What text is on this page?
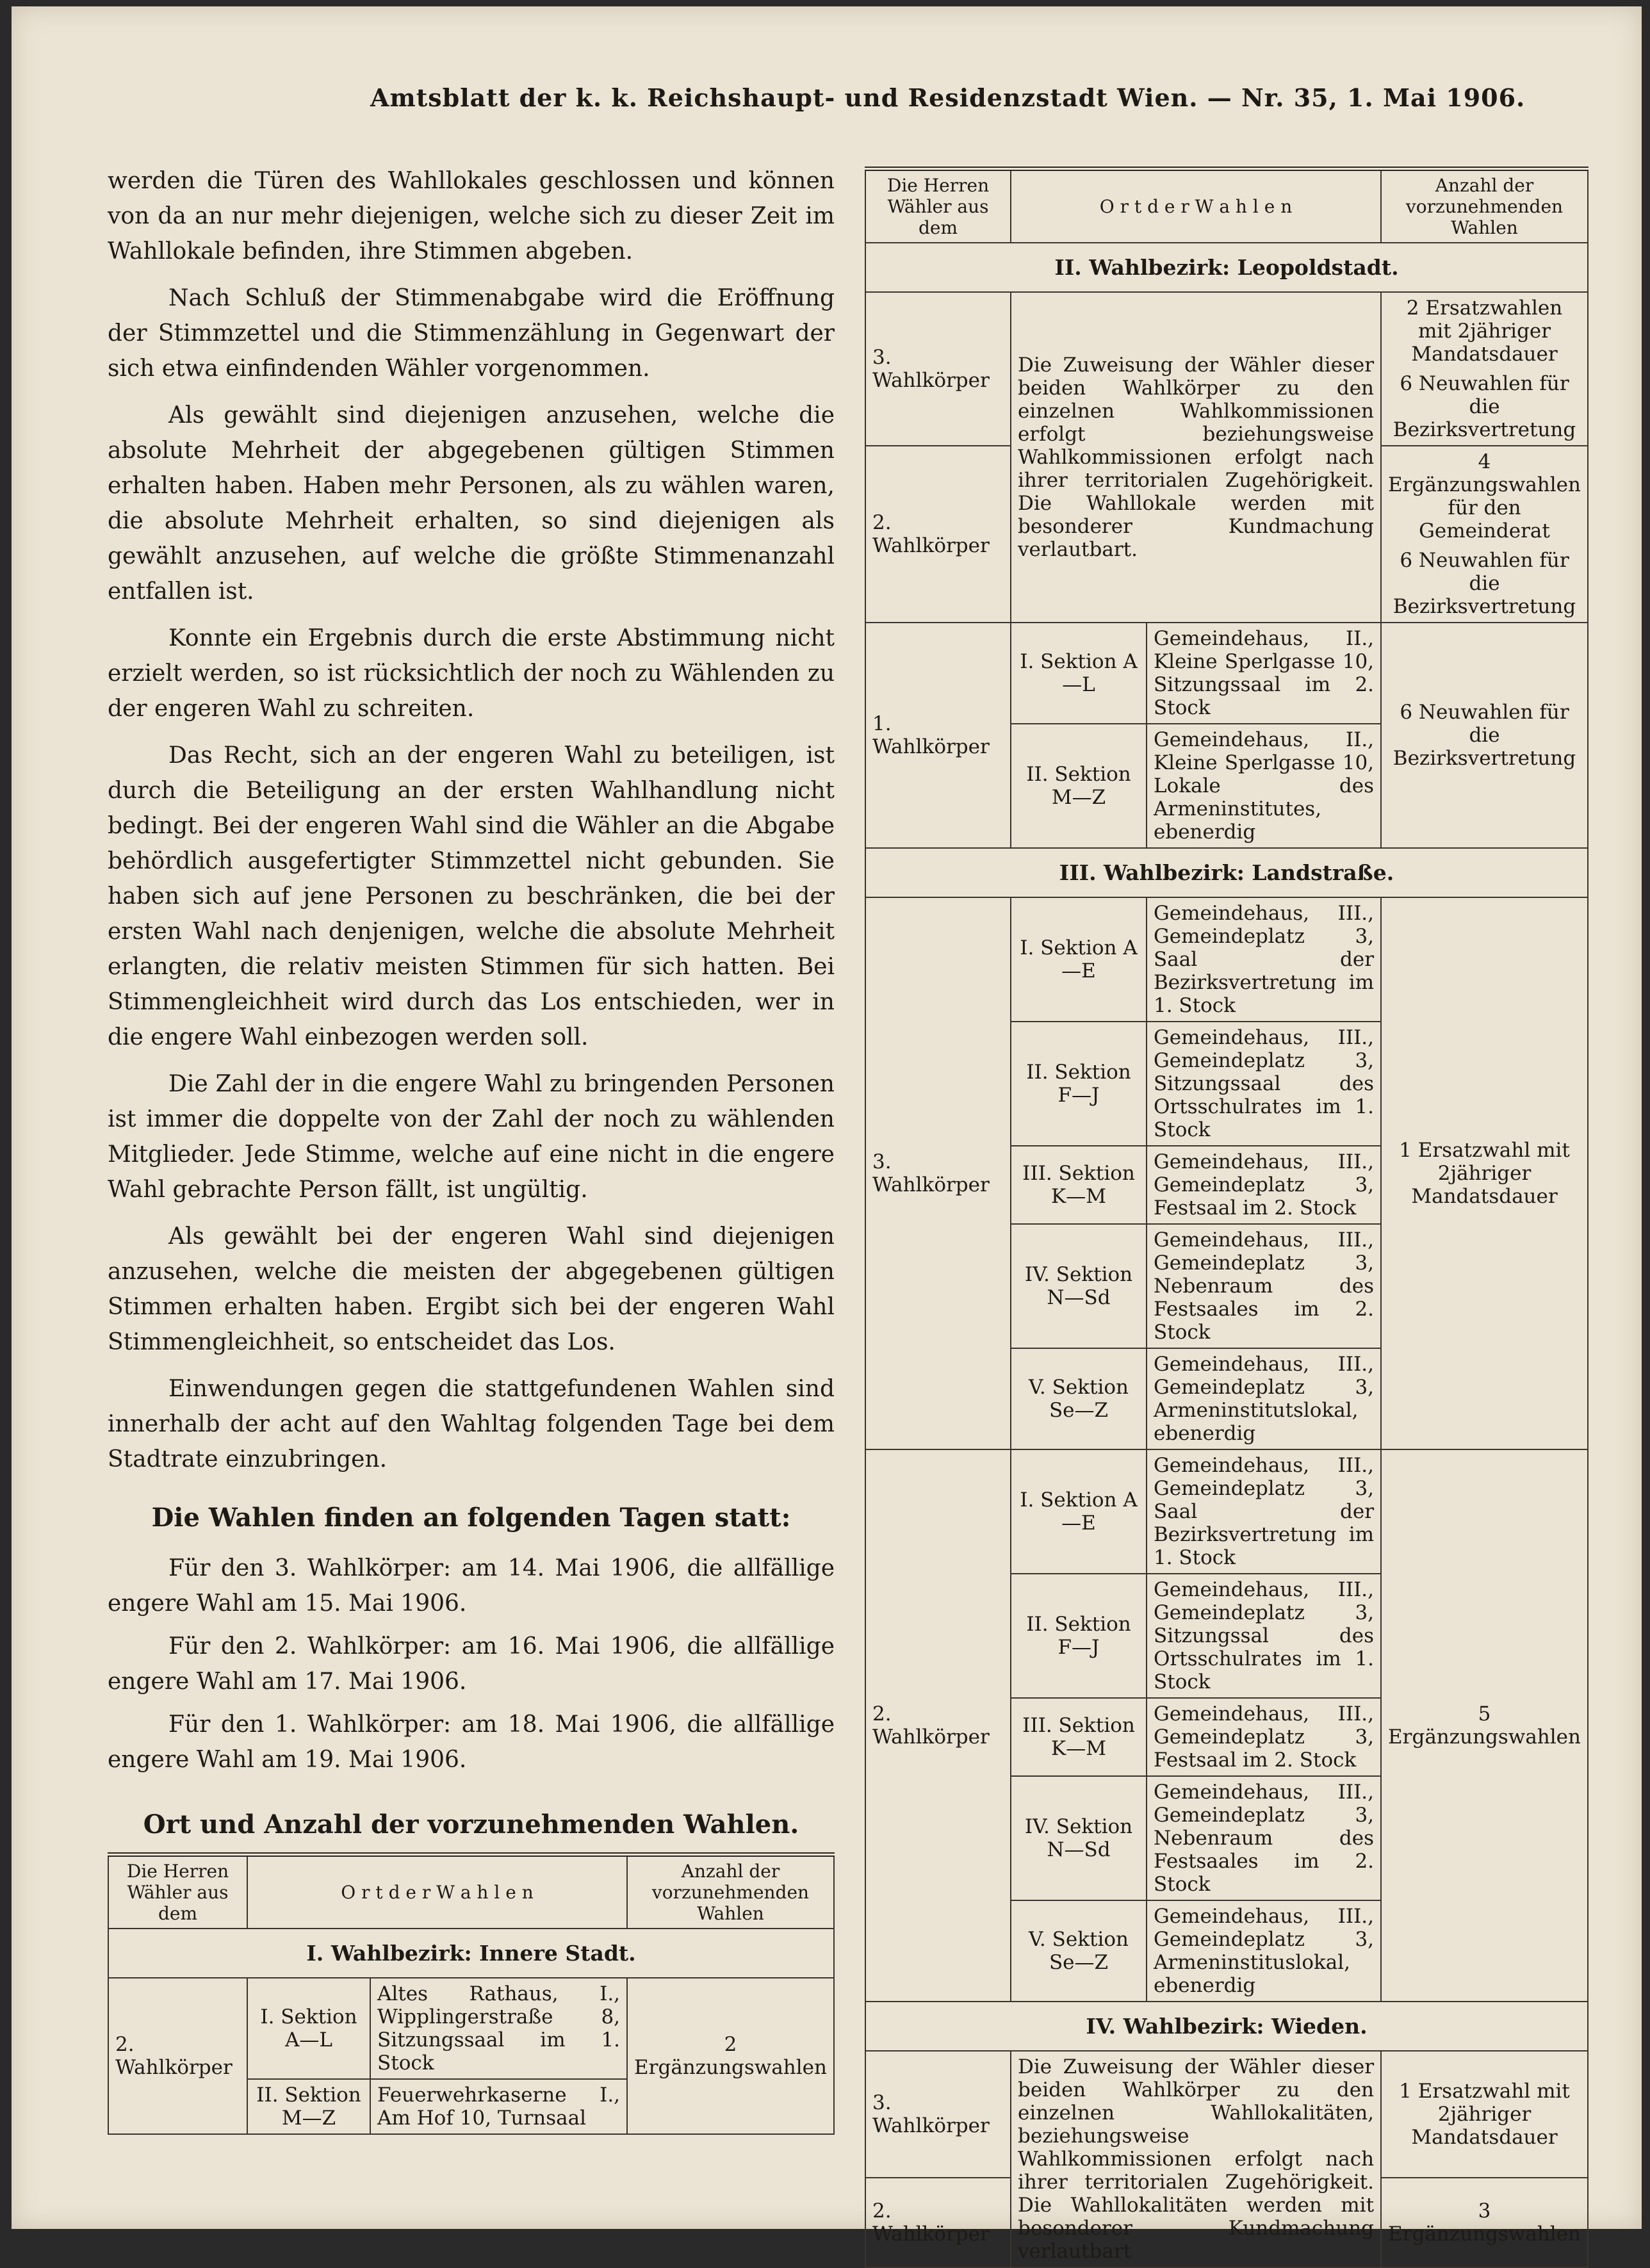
Amtsblatt der k. k. Reichshaupt- und Residenzstadt Wien. — Nr. 35, 1. Mai 1906.

werden die Türen des Wahllokales geschlossen und können von da an nur mehr diejenigen, welche sich zu dieser Zeit im Wahllokale befinden, ihre Stimmen abgeben.

Nach Schluß der Stimmenabgabe wird die Eröffnung der Stimmzettel und die Stimmenzählung in Gegenwart der sich etwa einfindenden Wähler vorgenommen.

Als gewählt sind diejenigen anzusehen, welche die absolute Mehrheit der abgegebenen gültigen Stimmen erhalten haben. Haben mehr Personen, als zu wählen waren, die absolute Mehrheit erhalten, so sind diejenigen als gewählt anzusehen, auf welche die größte Stimmenanzahl entfallen ist.

Konnte ein Ergebnis durch die erste Abstimmung nicht erzielt werden, so ist rücksichtlich der noch zu Wählenden zu der engeren Wahl zu schreiten.

Das Recht, sich an der engeren Wahl zu beteiligen, ist durch die Beteiligung an der ersten Wahlhandlung nicht bedingt. Bei der engeren Wahl sind die Wähler an die Abgabe behördlich ausgefertigter Stimmzettel nicht gebunden. Sie haben sich auf jene Personen zu beschränken, die bei der ersten Wahl nach denjenigen, welche die absolute Mehrheit erlangten, die relativ meisten Stimmen für sich hatten. Bei Stimmengleichheit wird durch das Los entschieden, wer in die engere Wahl einbezogen werden soll.

Die Zahl der in die engere Wahl zu bringenden Personen ist immer die doppelte von der Zahl der noch zu wählenden Mitglieder. Jede Stimme, welche auf eine nicht in die engere Wahl gebrachte Person fällt, ist ungültig.

Als gewählt bei der engeren Wahl sind diejenigen anzusehen, welche die meisten der abgegebenen gültigen Stimmen erhalten haben. Ergibt sich bei der engeren Wahl Stimmengleichheit, so entscheidet das Los.

Einwendungen gegen die stattgefundenen Wahlen sind innerhalb der acht auf den Wahltag folgenden Tage bei dem Stadtrate einzubringen.

Die Wahlen finden an folgenden Tagen statt:

Für den 3. Wahlkörper: am 14. Mai 1906, die allfällige engere Wahl am 15. Mai 1906.

Für den 2. Wahlkörper: am 16. Mai 1906, die allfällige engere Wahl am 17. Mai 1906.

Für den 1. Wahlkörper: am 18. Mai 1906, die allfällige engere Wahl am 19. Mai 1906.

Ort und Anzahl der vorzunehmenden Wahlen.
Die Herren Wähler aus dem	O r t d e r W a h l e n		Anzahl der vorzunehmenden Wahlen
I. Wahlbezirk: Innere Stadt.			
2. Wahlkörper	I. Sektion A—L	Altes Rathaus, I., Wipplingerstraße 8, Sitzungssaal im 1. Stock	2 Ergänzungswahlen
	II. Sektion M—Z	Feuerwehrkaserne I., Am Hof 10, Turnsaal	
Die Herren Wähler aus dem	O r t d e r W a h l e n		Anzahl der vorzunehmenden Wahlen
II. Wahlbezirk: Leopoldstadt.			
3. Wahlkörper	Die Zuweisung der Wähler dieser beiden Wahlkörper zu den einzelnen Wahlkommissionen erfolgt beziehungsweise Wahlkommissionen erfolgt nach ihrer territorialen Zugehörigkeit. Die Wahllokale werden mit besonderer Kundmachung verlautbart.		2 Ersatzwahlen mit 2jähriger Mandatsdauer
6 Neuwahlen für die Bezirksvertretung

2. Wahlkörper			4 Ergänzungswahlen für den Gemeinderat
6 Neuwahlen für die Bezirksvertretung

1. Wahlkörper	I. Sektion A—L	Gemeindehaus, II., Kleine Sperlgasse 10, Sitzungssaal im 2. Stock	6 Neuwahlen für die Bezirksvertretung
	II. Sektion M—Z	Gemeindehaus, II., Kleine Sperlgasse 10, Lokale des Armeninstitutes, ebenerdig	
III. Wahlbezirk: Landstraße.			
3. Wahlkörper	I. Sektion A—E	Gemeindehaus, III., Gemeindeplatz 3, Saal der Bezirksvertretung im 1. Stock	1 Ersatzwahl mit 2jähriger Mandatsdauer
	II. Sektion F—J	Gemeindehaus, III., Gemeindeplatz 3, Sitzungssaal des Ortsschulrates im 1. Stock	
	III. Sektion K—M	Gemeindehaus, III., Gemeindeplatz 3, Festsaal im 2. Stock	
	IV. Sektion N—Sd	Gemeindehaus, III., Gemeindeplatz 3, Nebenraum des Festsaales im 2. Stock	
	V. Sektion Se—Z	Gemeindehaus, III., Gemeindeplatz 3, Armeninstitutslokal, ebenerdig	
2. Wahlkörper	I. Sektion A—E	Gemeindehaus, III., Gemeindeplatz 3, Saal der Bezirksvertretung im 1. Stock	5 Ergänzungswahlen
	II. Sektion F—J	Gemeindehaus, III., Gemeindeplatz 3, Sitzungssal des Ortsschulrates im 1. Stock	
	III. Sektion K—M	Gemeindehaus, III., Gemeindeplatz 3, Festsaal im 2. Stock	
	IV. Sektion N—Sd	Gemeindehaus, III., Gemeindeplatz 3, Nebenraum des Festsaales im 2. Stock	
	V. Sektion Se—Z	Gemeindehaus, III., Gemeindeplatz 3, Armeninstituslokal, ebenerdig	
IV. Wahlbezirk: Wieden.			
3. Wahlkörper	Die Zuweisung der Wähler dieser beiden Wahlkörper zu den einzelnen Wahllokalitäten, beziehungsweise Wahlkommissionen erfolgt nach ihrer territorialen Zugehörigkeit. Die Wahllokalitäten werden mit besonderer Kundmachung verlautbart		1 Ersatzwahl mit 2jähriger Mandatsdauer
2. Wahlkörper			3 Ergänzungswahlen
